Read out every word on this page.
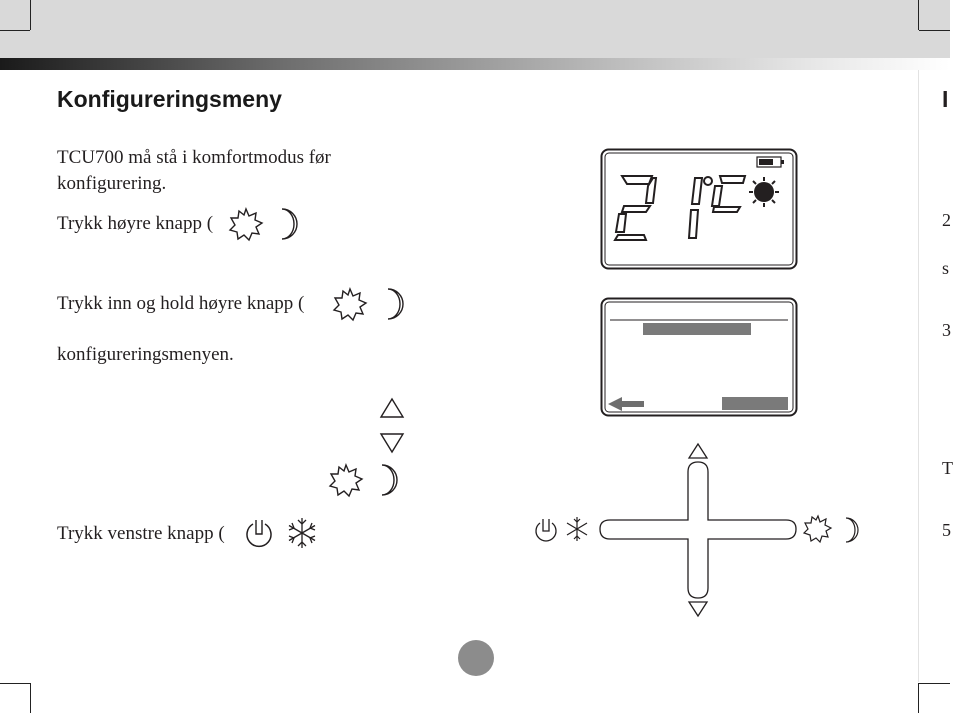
Konfigureringsmeny
TCU700 må stå i komfortmodus før
konfigurering.
Trykk høyre knapp (
Trykk inn og hold høyre knapp (
konfigureringsmenyen.
Trykk venstre knapp (
I
2
s
3
T
5
